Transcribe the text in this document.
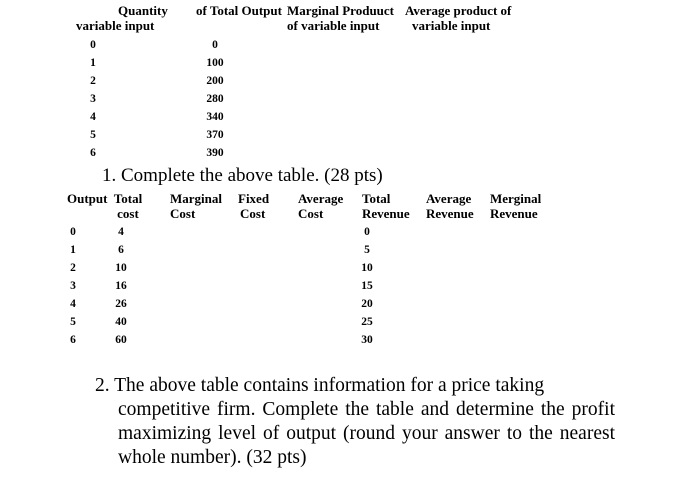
Quantity
variable input
of Total Output Marginal Produuct
of variable input
Average product of
variable input
0
1
2
3
4
5
6
0
100
200
280
340
370
390
1. Complete the above table. (28 pts)
Output Total
cost
Marginal
Cost
Fixed
Cost
Average
Cost
Total
Revenue
Average
Revenue
Merginal
Revenue
0
1
2
3
4
5
6
4
6
10
16
26
40
60
0
5
10
15
20
25
30
2. The above table contains information for a price taking
competitive firm. Complete the table and determine the profit maximizing level of output (round your answer to the nearest whole number). (32 pts)
